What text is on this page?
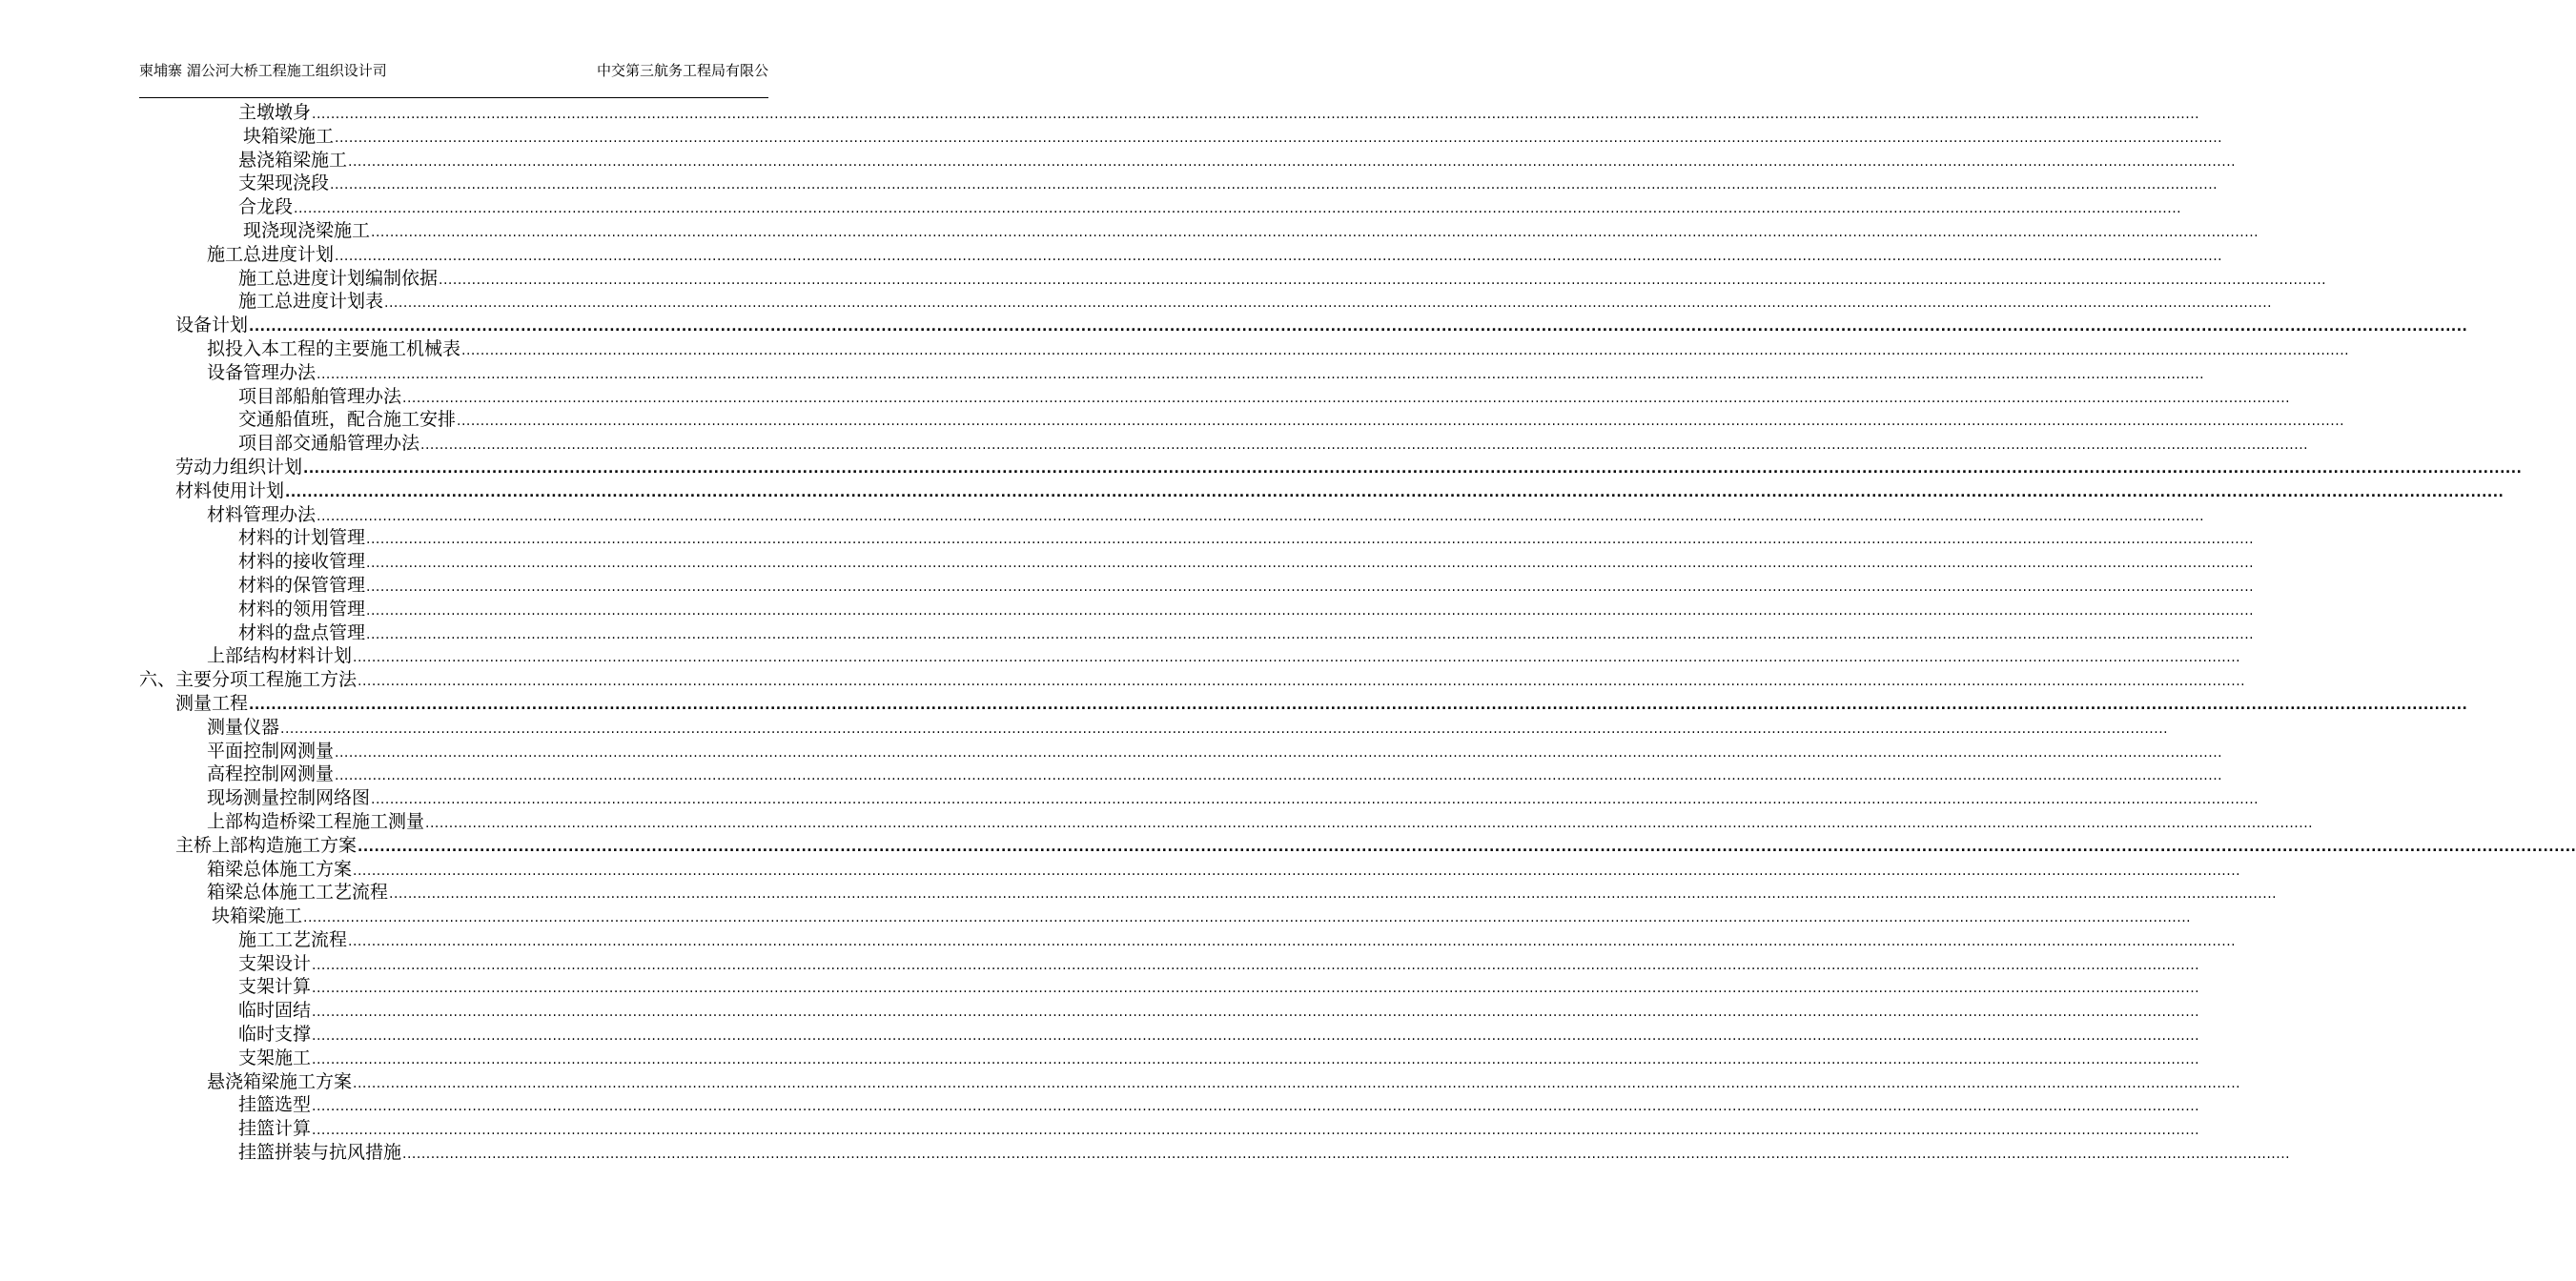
柬埔寨 湄公河大桥工程施工组织设计司	中交第三航务工程局有限公
主墩墩身 ................................................................................................................................................................................................................................................................................................................................................................................................................
块箱梁施工 ................................................................................................................................................................................................................................................................................................................................................................................................................
悬浇箱梁施工 ................................................................................................................................................................................................................................................................................................................................................................................................................
支架现浇段 ................................................................................................................................................................................................................................................................................................................................................................................................................
合龙段 ................................................................................................................................................................................................................................................................................................................................................................................................................
现浇现浇梁施工 ................................................................................................................................................................................................................................................................................................................................................................................................................
施工总进度计划 ................................................................................................................................................................................................................................................................................................................................................................................................................
施工总进度计划编制依据 ................................................................................................................................................................................................................................................................................................................................................................................................................
施工总进度计划表 ................................................................................................................................................................................................................................................................................................................................................................................................................
设备计划 ................................................................................................................................................................................................................................................................................................................................................................................................................
拟投入本工程的主要施工机械表 ................................................................................................................................................................................................................................................................................................................................................................................................................
设备管理办法 ................................................................................................................................................................................................................................................................................................................................................................................................................
项目部船舶管理办法 ................................................................................................................................................................................................................................................................................................................................................................................................................
交通船值班，配合施工安排 ................................................................................................................................................................................................................................................................................................................................................................................................................
项目部交通船管理办法 ................................................................................................................................................................................................................................................................................................................................................................................................................
劳动力组织计划 ................................................................................................................................................................................................................................................................................................................................................................................................................
材料使用计划 ................................................................................................................................................................................................................................................................................................................................................................................................................
材料管理办法 ................................................................................................................................................................................................................................................................................................................................................................................................................
材料的计划管理 ................................................................................................................................................................................................................................................................................................................................................................................................................
材料的接收管理 ................................................................................................................................................................................................................................................................................................................................................................................................................
材料的保管管理 ................................................................................................................................................................................................................................................................................................................................................................................................................
材料的领用管理 ................................................................................................................................................................................................................................................................................................................................................................................................................
材料的盘点管理 ................................................................................................................................................................................................................................................................................................................................................................................................................
上部结构材料计划 ................................................................................................................................................................................................................................................................................................................................................................................................................
六、主要分项工程施工方法 ................................................................................................................................................................................................................................................................................................................................................................................................................
测量工程 ................................................................................................................................................................................................................................................................................................................................................................................................................
测量仪器 ................................................................................................................................................................................................................................................................................................................................................................................................................
平面控制网测量 ................................................................................................................................................................................................................................................................................................................................................................................................................
高程控制网测量 ................................................................................................................................................................................................................................................................................................................................................................................................................
现场测量控制网络图 ................................................................................................................................................................................................................................................................................................................................................................................................................
上部构造桥梁工程施工测量 ................................................................................................................................................................................................................................................................................................................................................................................................................
主桥上部构造施工方案 ................................................................................................................................................................................................................................................................................................................................................................................................................
箱梁总体施工方案 ................................................................................................................................................................................................................................................................................................................................................................................................................
箱梁总体施工工艺流程 ................................................................................................................................................................................................................................................................................................................................................................................................................
块箱梁施工 ................................................................................................................................................................................................................................................................................................................................................................................................................
施工工艺流程 ................................................................................................................................................................................................................................................................................................................................................................................................................
支架设计 ................................................................................................................................................................................................................................................................................................................................................................................................................
支架计算 ................................................................................................................................................................................................................................................................................................................................................................................................................
临时固结 ................................................................................................................................................................................................................................................................................................................................................................................................................
临时支撑 ................................................................................................................................................................................................................................................................................................................................................................................................................
支架施工 ................................................................................................................................................................................................................................................................................................................................................................................................................
悬浇箱梁施工方案 ................................................................................................................................................................................................................................................................................................................................................................................................................
挂篮选型 ................................................................................................................................................................................................................................................................................................................................................................................................................
挂篮计算 ................................................................................................................................................................................................................................................................................................................................................................................................................
挂篮拼装与抗风措施 ................................................................................................................................................................................................................................................................................................................................................................................................................
